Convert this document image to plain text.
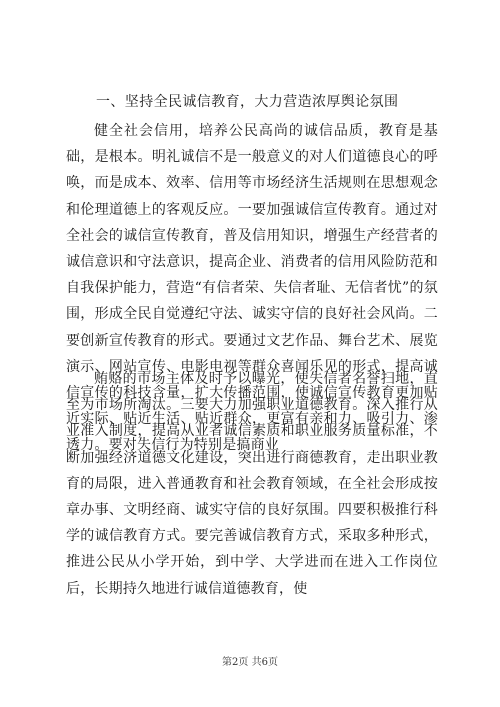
一、坚持全民诚信教育，大力营造浓厚舆论氛围

健全社会信用，培养公民高尚的诚信品质，教育是基础，是根本。明礼诚信不是一般意义的对人们道德良心的呼唤，而是成本、效率、信用等市场经济生活规则在思想观念和伦理道德上的客观反应。一要加强诚信宣传教育。通过对全社会的诚信宣传教育，普及信用知识，增强生产经营者的诚信意识和守法意识，提高企业、消费者的信用风险防范和自我保护能力，营造“有信者荣、失信者耻、无信者忧”的氛围，形成全民自觉遵纪守法、诚实守信的良好社会风尚。二要创新宣传教育的形式。要通过文艺作品、舞台艺术、展览演示、网站宣传、电影电视等群众喜闻乐见的形式，提高诚信宣传的科技含量，扩大传播范围，使诚信宣传教育更加贴近实际、贴近生活、贴近群众，更富有亲和力、吸引力、渗透力。要对失信行为特别是搞商业

贿赂的市场主体及时予以曝光，使失信者名誉扫地，直至为市场所淘汰。三要大力加强职业道德教育。深入推行从业准入制度，提高从业者诚信素质和职业服务质量标准，不断加强经济道德文化建设，突出进行商德教育，走出职业教育的局限，进入普通教育和社会教育领域，在全社会形成按章办事、文明经商、诚实守信的良好氛围。四要积极推行科学的诚信教育方式。要完善诚信教育方式，采取多种形式，推进公民从小学开始，到中学、大学进而在进入工作岗位后，长期持久地进行诚信道德教育，使

第2页 共6页
